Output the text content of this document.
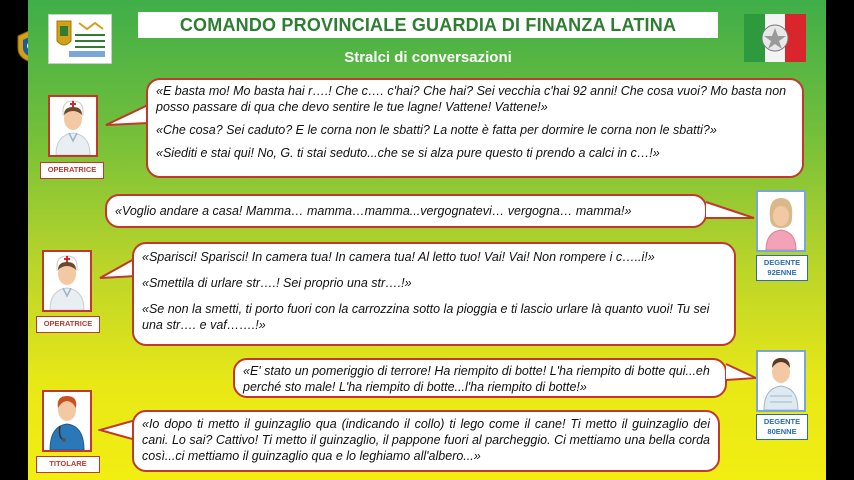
COMANDO PROVINCIALE GUARDIA DI FINANZA LATINA
Stralci di conversazioni
OPERATRICE

«E basta mo! Mo basta hai r….! Che c…. c'hai? Che hai? Sei vecchia c'hai 92 anni! Che cosa vuoi? Mo basta non posso passare di qua che devo sentire le tue lagne! Vattene! Vattene!»

«Che cosa? Sei caduto? E le corna non le sbatti? La notte è fatta per dormire le corna non le sbatti?»

«Siediti e stai qui! No, G. ti stai seduto...che se si alza pure questo ti prendo a calci in c…!»

«Voglio andare a casa! Mamma… mamma…mamma...vergognatevi… vergogna… mamma!»

DEGENTE
92ENNE
OPERATRICE

«Sparisci! Sparisci! In camera tua! In camera tua! Al letto tuo! Vai! Vai! Non rompere i c…..i!»

«Smettila di urlare str….! Sei proprio una str….!»

«Se non la smetti, ti porto fuori con la carrozzina sotto la pioggia e ti lascio urlare là quanto vuoi! Tu sei una str…. e vaf…….!»

«E' stato un pomeriggio di terrore! Ha riempito di botte! L'ha riempito di botte qui...eh perché sto male! L'ha riempito di botte...l'ha riempito di botte!»

DEGENTE
80ENNE
TITOLARE

«Io dopo ti metto il guinzaglio qua (indicando il collo) ti lego come il cane! Ti metto il guinzaglio dei cani. Lo sai? Cattivo! Ti metto il guinzaglio, il pappone fuori al parcheggio. Ci mettiamo una bella corda così...ci mettiamo il guinzaglio qua e lo leghiamo all'albero...»
